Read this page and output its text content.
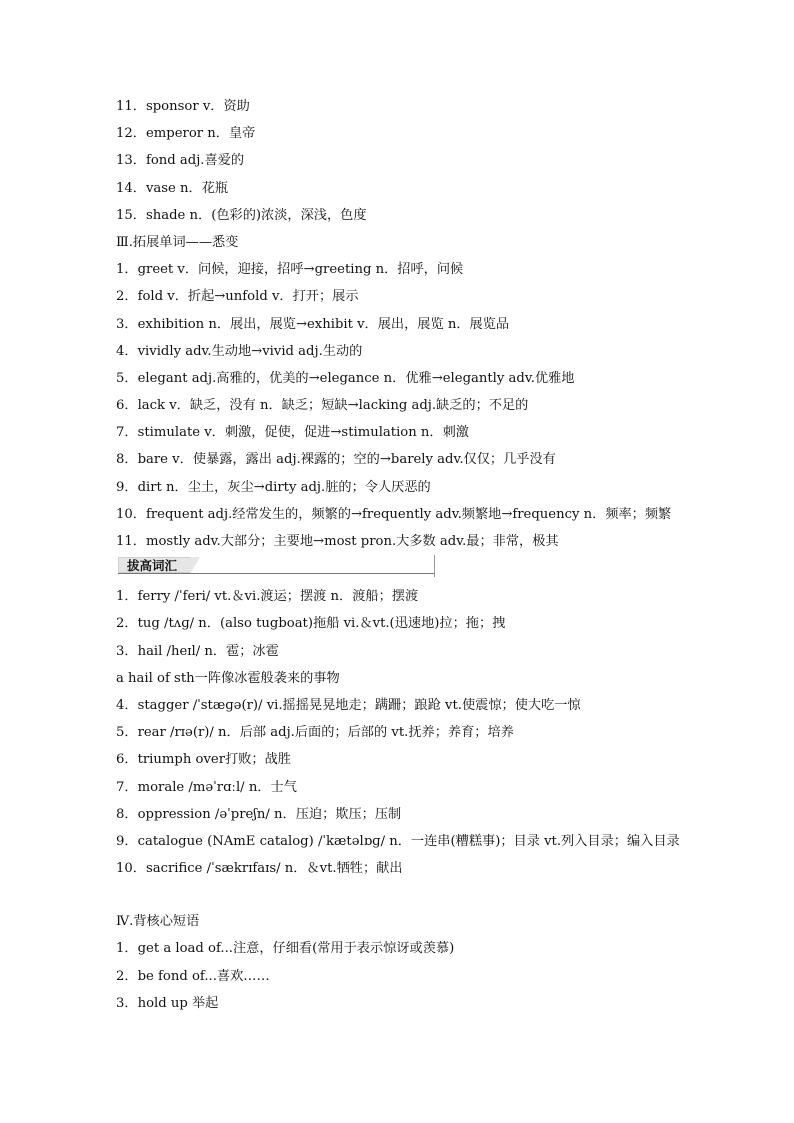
11．sponsor v．资助
12．emperor n．皇帝
13．fond adj.喜爱的
14．vase n．花瓶
15．shade n．(色彩的)浓淡，深浅，色度
Ⅲ.拓展单词——悉变
1．greet v．问候，迎接，招呼→greeting n．招呼，问候
2．fold v．折起→unfold v．打开；展示
3．exhibition n．展出，展览→exhibit v．展出，展览 n．展览品
4．vividly adv.生动地→vivid adj.生动的
5．elegant adj.高雅的，优美的→elegance n．优雅→elegantly adv.优雅地
6．lack v．缺乏，没有 n．缺乏；短缺→lacking adj.缺乏的；不足的
7．stimulate v．刺激，促使，促进→stimulation n．刺激
8．bare v．使暴露，露出 adj.裸露的；空的→barely adv.仅仅；几乎没有
9．dirt n．尘土，灰尘→dirty adj.脏的；令人厌恶的
10．frequent adj.经常发生的，频繁的→frequently adv.频繁地→frequency n．频率；频繁
11．mostly adv.大部分；主要地→most pron.大多数 adv.最；非常，极其
拔高词汇
1．ferry /ˈferi/ vt.＆vi.渡运；摆渡 n．渡船；摆渡
2．tug /tʌɡ/ n．(also tugboat)拖船 vi.＆vt.(迅速地)拉；拖；拽
3．hail /heɪl/ n．雹；冰雹
a hail of sth一阵像冰雹般袭来的事物
4．stagger /ˈstæɡə(r)/ vi.摇摇晃晃地走；蹒跚；踉跄 vt.使震惊；使大吃一惊
5．rear /rɪə(r)/ n．后部 adj.后面的；后部的 vt.抚养；养育；培养
6．triumph over打败；战胜
7．morale /məˈrɑːl/ n．士气
8．oppression /əˈpreʃn/ n．压迫；欺压；压制
9．catalogue (NAmE catalog) /ˈkætəlɒɡ/ n．一连串(糟糕事)；目录 vt.列入目录；编入目录
10．sacrifice /ˈsækrɪfaɪs/ n．＆vt.牺牲；献出
Ⅳ.背核心短语
1．get a load of...注意，仔细看(常用于表示惊讶或羡慕)
2．be fond of...喜欢……
3．hold up 举起
